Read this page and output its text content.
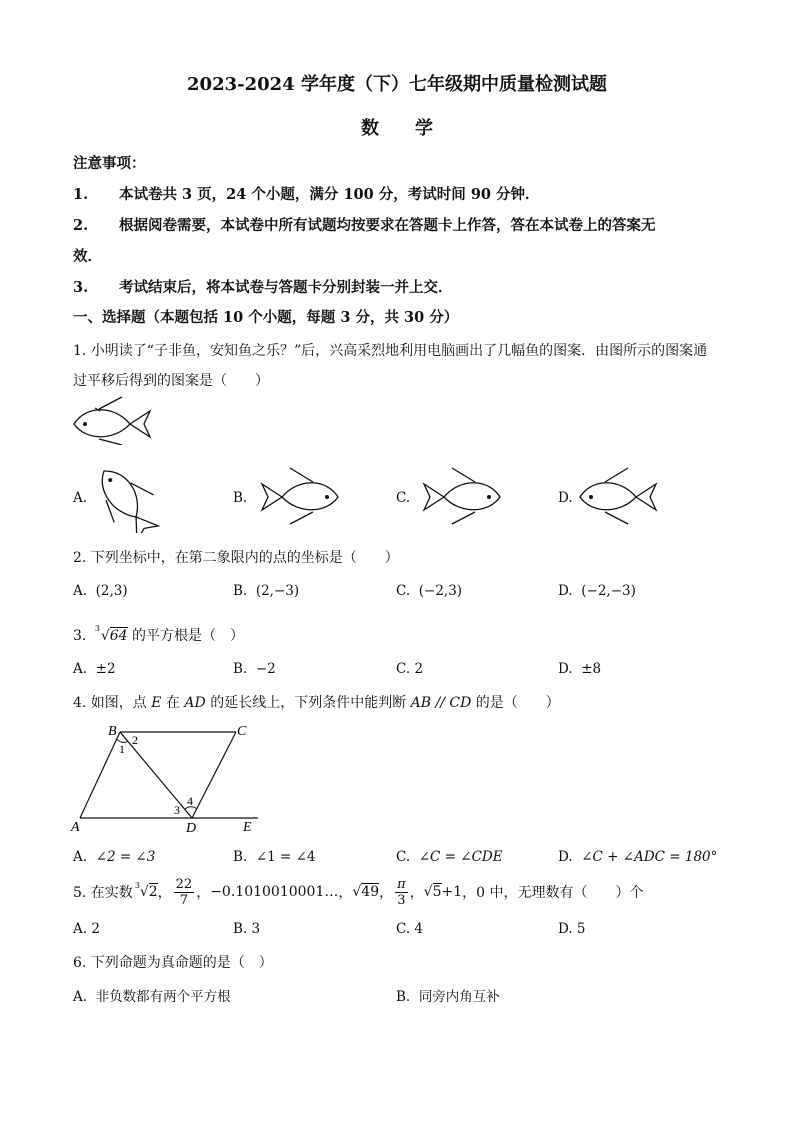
2023-2024 学年度（下）七年级期中质量检测试题
数　　学
注意事项：
1. 本试卷共 3 页，24 个小题，满分 100 分，考试时间 90 分钟．
2. 根据阅卷需要，本试卷中所有试题均按要求在答题卡上作答，答在本试卷上的答案无
效．
3. 考试结束后，将本试卷与答题卡分别封装一并上交．
一、选择题（本题包括 10 个小题，每题 3 分，共 30 分）
1. 小明读了“子非鱼，安知鱼之乐？”后，兴高采烈地利用电脑画出了几幅鱼的图案．由图所示的图案通
过平移后得到的图案是（　　）
A.	B.	C.	D.
2. 下列坐标中，在第二象限内的点的坐标是（　　）
A. (2,3)	B. (2,−3)	C. (−2,3)	D. (−2,−3)
3. 3 √64 的平方根是（　）
A. ±2	B. −2	C. 2	D. ±8
4. 如图，点 E 在 AD 的延长线上，下列条件中能判断 AB // CD 的是（　　）
B	C
A	D	E
1
2
3
4
A. ∠2 = ∠3	B. ∠1 = ∠4	C. ∠C = ∠CDE	D. ∠C + ∠ADC = 180°
5. 在实数 3 √2 ， $\frac{22}{7}$ ， −0.1010010001… ， √49 ， $\frac{\pi}{3}$ ， √5+1 ， 0 中，无理数有（　　）个
A. 2	B. 3	C. 4	D. 5
6. 下列命题为真命题的是（　）
A. 非负数都有两个平方根	B. 同旁内角互补
